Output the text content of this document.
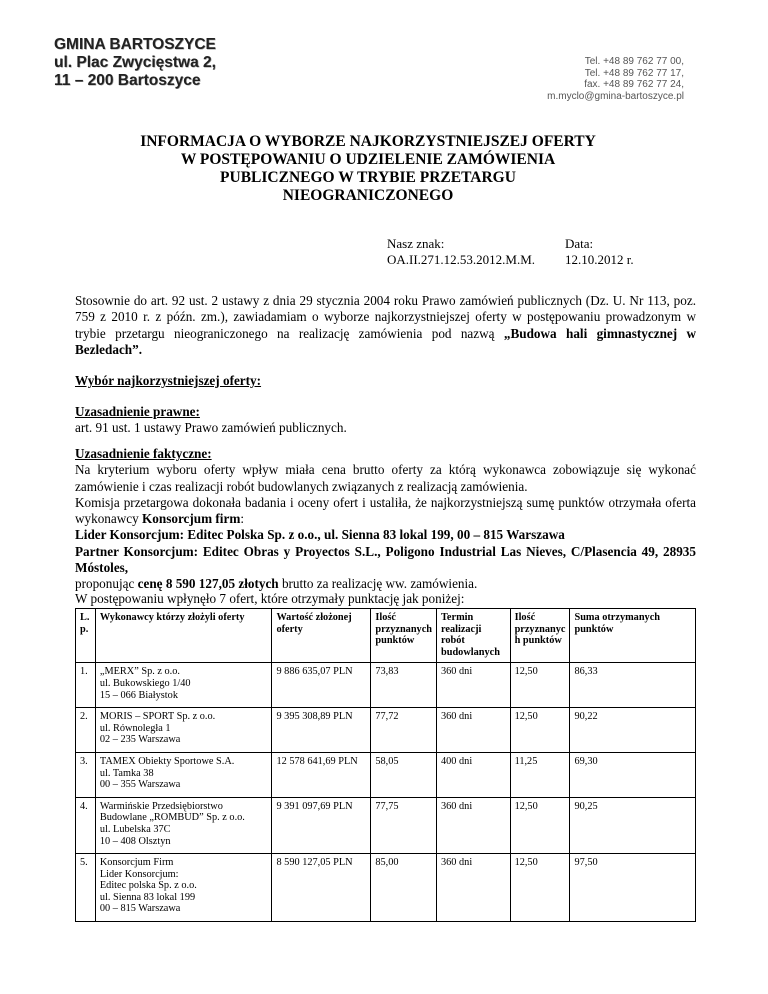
GMINA BARTOSZYCE
ul. Plac Zwycięstwa 2,
11 – 200 Bartoszyce
Tel. +48 89 762 77 00,
Tel. +48 89 762 77 17,
fax. +48 89 762 77 24,
m.myclo@gmina-bartoszyce.pl
INFORMACJA O WYBORZE NAJKORZYSTNIEJSZEJ OFERTY
W POSTĘPOWANIU O UDZIELENIE ZAMÓWIENIA
PUBLICZNEGO W TRYBIE PRZETARGU
NIEOGRANICZONEGO
Nasz znak:
OA.II.271.12.53.2012.M.M.
Data:
12.10.2012 r.
Stosownie do art. 92 ust. 2 ustawy z dnia 29 stycznia 2004 roku Prawo zamówień publicznych (Dz. U. Nr 113, poz. 759 z 2010 r. z późn. zm.), zawiadamiam o wyborze najkorzystniejszej oferty w postępowaniu prowadzonym w trybie przetargu nieograniczonego na realizację zamówienia pod nazwą „Budowa hali gimnastycznej w Bezledach”.
Wybór najkorzystniejszej oferty:
Uzasadnienie prawne:
art. 91 ust. 1 ustawy Prawo zamówień publicznych.
Uzasadnienie faktyczne:
Na kryterium wyboru oferty wpływ miała cena brutto oferty za którą wykonawca zobowiązuje się wykonać zamówienie i czas realizacji robót budowlanych związanych z realizacją zamówienia.
Komisja przetargowa dokonała badania i oceny ofert i ustaliła, że najkorzystniejszą sumę punktów otrzymała oferta wykonawcy Konsorcjum firm:
Lider Konsorcjum: Editec Polska Sp. z o.o., ul. Sienna 83 lokal 199, 00 – 815 Warszawa
Partner Konsorcjum: Editec Obras y Proyectos S.L., Poligono Industrial Las Nieves, C/Plasencia 49, 28935 Móstoles,
proponując cenę 8 590 127,05 złotych brutto za realizację ww. zamówienia.
W postępowaniu wpłynęło 7 ofert, które otrzymały punktację jak poniżej:
L. p.	Wykonawcy którzy złożyli oferty	Wartość złożonej oferty	Ilość przyznanych punktów	Termin realizacji robót budowlanych	Ilość przyznanyc h punktów	Suma otrzymanych punktów
1.	„MERX” Sp. z o.o.
ul. Bukowskiego 1/40
15 – 066 Białystok	9 886 635,07 PLN	73,83	360 dni	12,50	86,33
2.	MORIS – SPORT Sp. z o.o.
ul. Równoległa 1
02 – 235 Warszawa	9 395 308,89 PLN	77,72	360 dni	12,50	90,22
3.	TAMEX Obiekty Sportowe S.A.
ul. Tamka 38
00 – 355 Warszawa	12 578 641,69 PLN	58,05	400 dni	11,25	69,30
4.	Warmińskie Przedsiębiorstwo
Budowlane „ROMBUD” Sp. z o.o.
ul. Lubelska 37C
10 – 408 Olsztyn	9 391 097,69 PLN	77,75	360 dni	12,50	90,25
5.	Konsorcjum Firm
Lider Konsorcjum:
Editec polska Sp. z o.o.
ul. Sienna 83 lokal 199
00 – 815 Warszawa	8 590 127,05 PLN	85,00	360 dni	12,50	97,50
